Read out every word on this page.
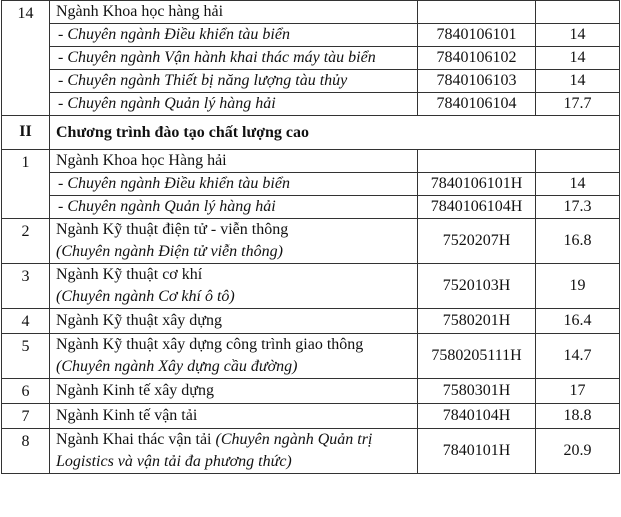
14	Ngành Khoa học hàng hải		
	- Chuyên ngành Điều khiển tàu biển	7840106101	14
	- Chuyên ngành Vận hành khai thác máy tàu biển	7840106102	14
	- Chuyên ngành Thiết bị năng lượng tàu thủy	7840106103	14
	- Chuyên ngành Quản lý hàng hải	7840106104	17.7
II	Chương trình đào tạo chất lượng cao		
1	Ngành Khoa học Hàng hải		
	- Chuyên ngành Điều khiển tàu biển	7840106101H	14
	- Chuyên ngành Quản lý hàng hải	7840106104H	17.3
2	Ngành Kỹ thuật điện tử - viễn thông
(Chuyên ngành Điện tử viễn thông)	7520207H	16.8
3	Ngành Kỹ thuật cơ khí
(Chuyên ngành Cơ khí ô tô)	7520103H	19
4	Ngành Kỹ thuật xây dựng	7580201H	16.4
5	Ngành Kỹ thuật xây dựng công trình giao thông
(Chuyên ngành Xây dựng cầu đường)	7580205111H	14.7
6	Ngành Kinh tế xây dựng	7580301H	17
7	Ngành Kinh tế vận tải	7840104H	18.8
8	Ngành Khai thác vận tải (Chuyên ngành Quản trị
Logistics và vận tải đa phương thức)	7840101H	20.9
